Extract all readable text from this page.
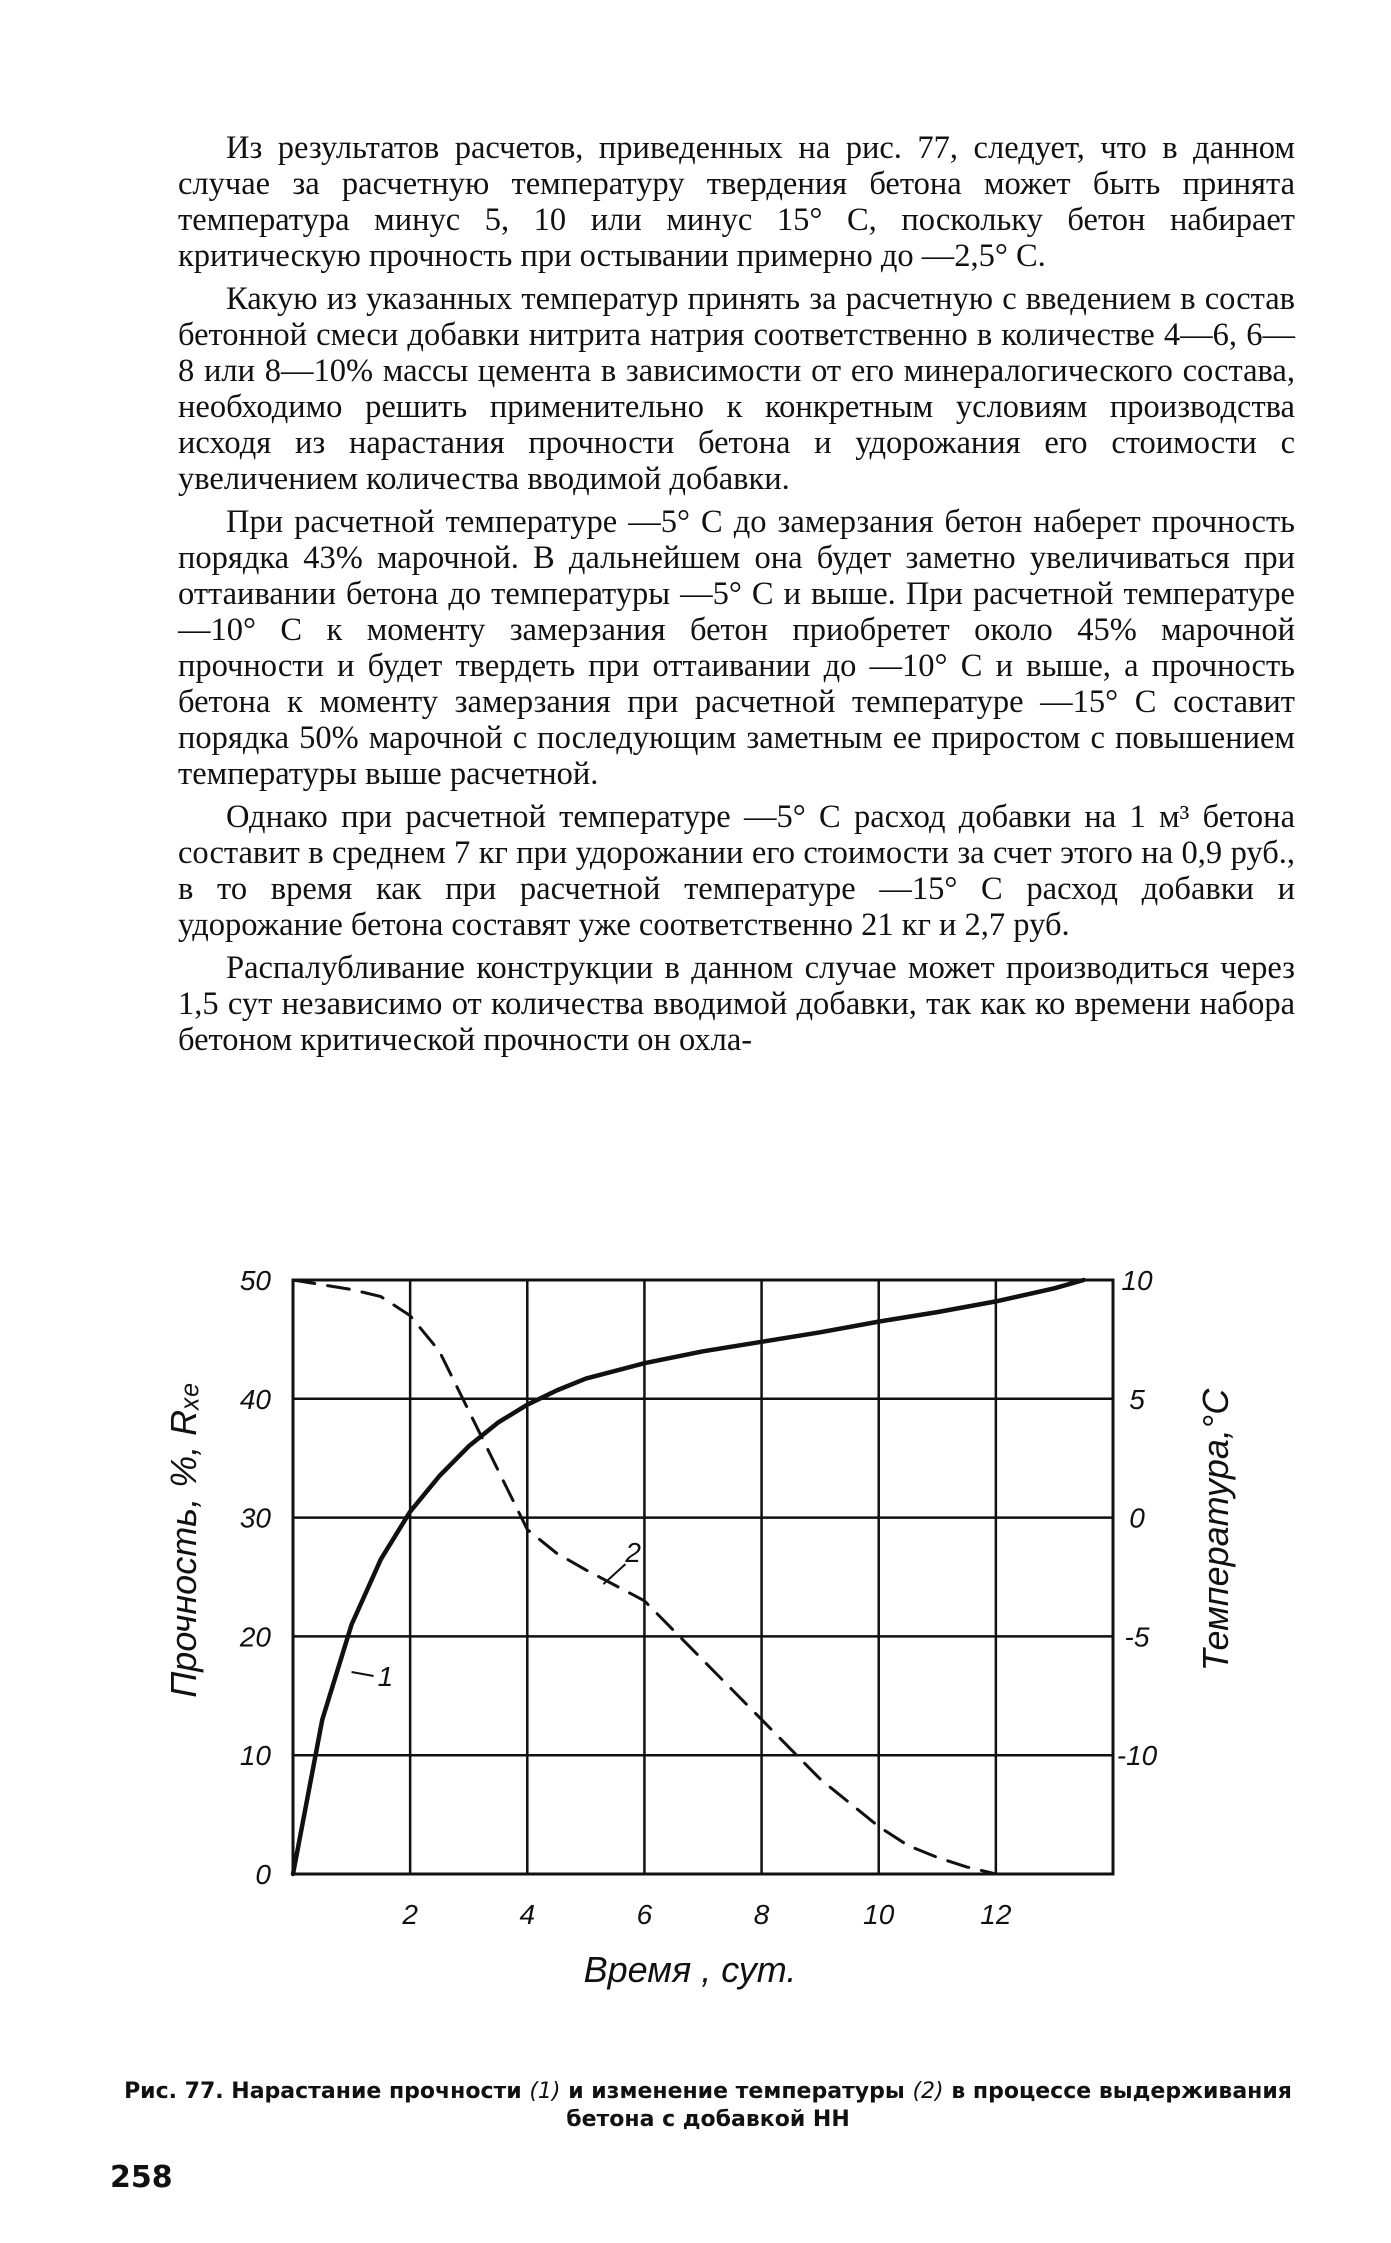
Из результатов расчетов, приведенных на рис. 77, следует, что в данном случае за расчетную температуру твердения бетона может быть принята температура минус 5, 10 или минус 15° С, поскольку бетон набирает критическую прочность при остывании примерно до —2,5° С.

Какую из указанных температур принять за расчетную с введением в состав бетонной смеси добавки нитрита натрия соответственно в количестве 4—6, 6—8 или 8—10% массы цемента в зависимости от его минералогического состава, необходимо решить применительно к конкретным условиям производства исходя из нарастания прочности бетона и удорожания его стоимости с увеличением количества вводимой добавки.

При расчетной температуре —5° С до замерзания бетон наберет прочность порядка 43% марочной. В дальнейшем она будет заметно увеличиваться при оттаивании бетона до температуры —5° С и выше. При расчетной температуре —10° С к моменту замерзания бетон приобретет около 45% марочной прочности и будет твердеть при оттаивании до —10° С и выше, а прочность бетона к моменту замерзания при расчетной температуре —15° С составит порядка 50% марочной с последующим заметным ее приростом с повышением температуры выше расчетной.

Однако при расчетной температуре —5° С расход добавки на 1 м³ бетона составит в среднем 7 кг при удорожании его стоимости за счет этого на 0,9 руб., в то время как при расчетной температуре —15° С расход добавки и удорожание бетона составят уже соответственно 21 кг и 2,7 руб.

Распалубливание конструкции в данном случае может производиться через 1,5 сут независимо от количества вводимой добавки, так как ко времени набора бетоном критической прочности он охла-

1
2
2	4	6	8	10	12
0
10
20
30
40
50
-10
-5
0
5
10
Прочность, %, Rₓₑ	Температура,°C
Время , сут.
Рис. 77. Нарастание прочности (1) и изменение температуры (2) в процессе выдерживания бетона с добавкой НН
258
